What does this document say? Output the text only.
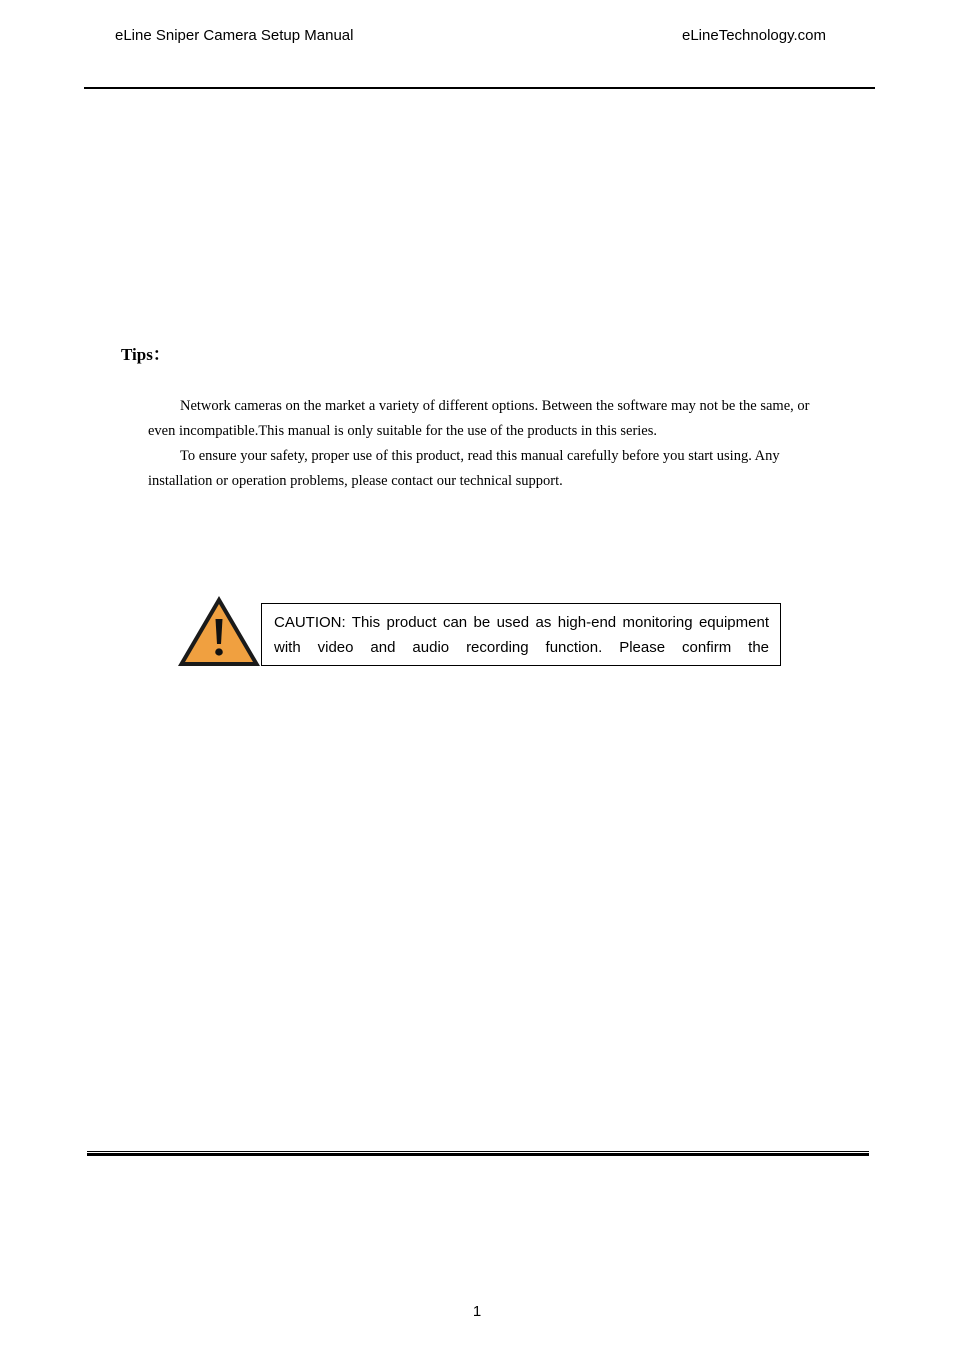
eLine Sniper Camera Setup Manual	eLineTechnology.com
Tips：

Network cameras on the market a variety of different options. Between the software may not be the same, or even incompatible.This manual is only suitable for the use of the products in this series.

To ensure your safety, proper use of this product, read this manual carefully before you start using. Any installation or operation problems, please contact our technical support.

CAUTION: This product can be used as high-end monitoring equipment with video and audio recording function. Please confirm the
1
